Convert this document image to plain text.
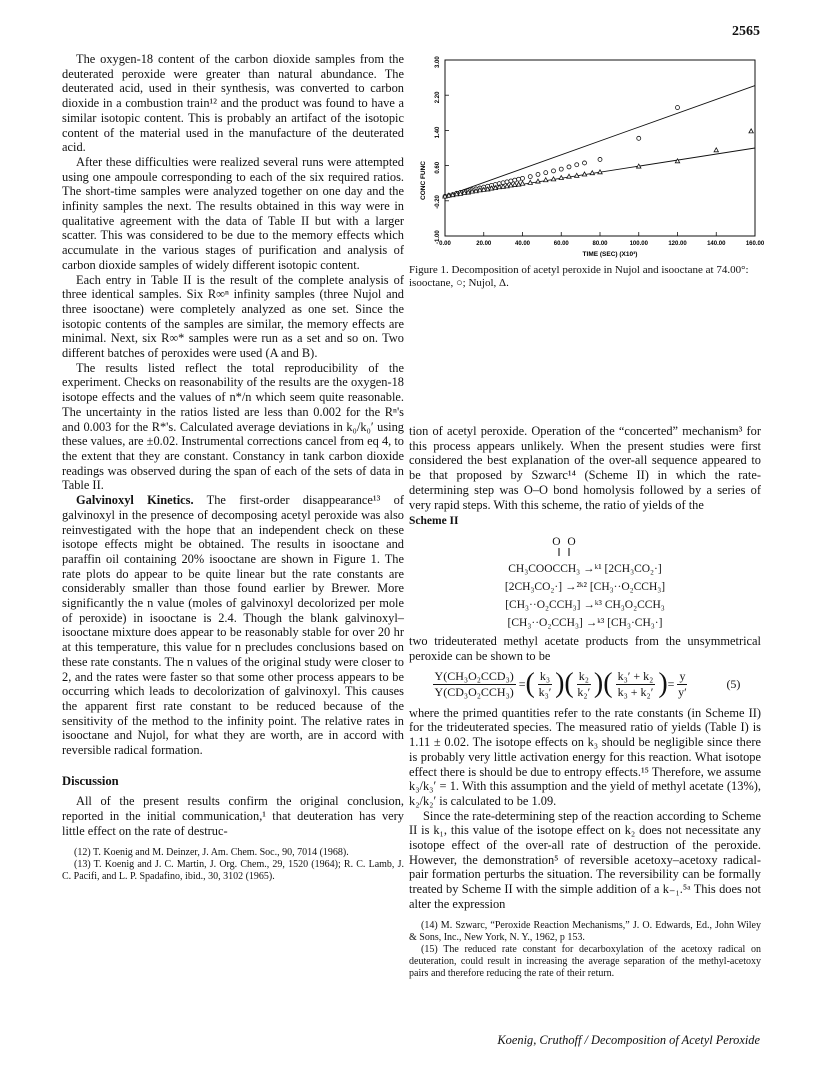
2565

The oxygen-18 content of the carbon dioxide samples from the deuterated peroxide were greater than natural abundance. The deuterated acid, used in their synthesis, was converted to carbon dioxide in a combustion train¹² and the product was found to have a similar isotopic content. This is probably an artifact of the isotopic content of the material used in the manufacture of the deuterated acid.

After these difficulties were realized several runs were attempted using one ampoule corresponding to each of the six required ratios. The short-time samples were analyzed together on one day and the infinity samples the next. The results obtained in this way were in qualitative agreement with the data of Table II but with a larger scatter. This was considered to be due to the memory effects which accumulate in the various stages of purification and analysis of carbon dioxide samples of widely different isotopic content.

Each entry in Table II is the result of the complete analysis of three identical samples. Six R∞ⁿ infinity samples (three Nujol and three isooctane) were completely analyzed as one set. Since the isotopic contents of the samples are similar, the memory effects are minimal. Next, six R∞* samples were run as a set and so on. Two different batches of peroxides were used (A and B).

The results listed reflect the total reproducibility of the experiment. Checks on reasonability of the results are the oxygen-18 isotope effects and the values of n*/n which seem quite reasonable. The uncertainty in the ratios listed are less than 0.002 for the Rⁿ's and 0.003 for the R*'s. Calculated average deviations in k₀/k₀′ using these values, are ±0.02. Instrumental corrections cancel from eq 4, to the extent that they are constant. Constancy in tank carbon dioxide readings was observed during the span of each of the sets of data in Table II.

Galvinoxyl Kinetics. The first-order disappearance¹³ of galvinoxyl in the presence of decomposing acetyl peroxide was also reinvestigated with the hope that an independent check on these isotope effects might be obtained. The results in isooctane and paraffin oil containing 20% isooctane are shown in Figure 1. The rate plots do appear to be quite linear but the rate constants are considerably smaller than those found earlier by Brewer. More significantly the n value (moles of galvinoxyl decolorized per mole of peroxide) in isooctane is 2.4. Though the blank galvinoxyl–isooctane mixture does appear to be reasonably stable for over 20 hr at this temperature, this value for n precludes conclusions based on these rate constants. The n values of the original study were closer to 2, and the rates were faster so that some other process appears to be occurring which leads to decolorization of galvinoxyl. This causes the apparent first rate constant to be reduced because of the sensitivity of the method to the infinity point. The relative rates in isooctane and Nujol, for what they are worth, are in accord with reversible radical formation.

Discussion

All of the present results confirm the original conclusion, reported in the initial communication,¹ that deuteration has very little effect on the rate of destruc-

(12) T. Koenig and M. Deinzer, J. Am. Chem. Soc., 90, 7014 (1968).
(13) T. Koenig and J. C. Martin, J. Org. Chem., 29, 1520 (1964); R. C. Lamb, J. C. Pacifi, and L. P. Spadafino, ibid., 30, 3102 (1965).
-1.00
-0.20
0.60
1.40
2.20
3.00
0.00	20.00	40.00	60.00	80.00	100.00	120.00	140.00	160.00
CONC FUNC
TIME (SEC) (X10³)
Figure 1. Decomposition of acetyl peroxide in Nujol and isooctane at 74.00°: isooctane, ○; Nujol, Δ.

tion of acetyl peroxide. Operation of the “concerted” mechanism³ for this process appears unlikely. When the present studies were first considered the best explanation of the over-all sequence appeared to be that proposed by Szwarc¹⁴ (Scheme II) in which the rate-determining step was O–O bond homolysis followed by a series of very rapid steps. With this scheme, the ratio of yields of the

Scheme II
O O
‖ ‖
CH₃COOCCH₃ →ᵏ¹ [2CH₃CO₂·]
[2CH₃CO₂·] →²ᵏ² [CH₃··O₂CCH₃]
[CH₃··O₂CCH₃] →ᵏ³ CH₃O₂CCH₃
[CH₃··O₂CCH₃] →ᵏ³ [CH₃·CH₃·]

two trideuterated methyl acetate products from the unsymmetrical peroxide can be shown to be

$\frac{\text{Y(CH₃O₂CCD₃)}}{\text{Y(CD₃O₂CCH₃)}}$ = ( $\frac{\text{k₃}}{\text{k₃′}}$ )( $\frac{\text{k₂}}{\text{k₂′}}$ )( $\frac{\text{k₃′ + k₂}}{\text{k₃ + k₂′}}$ ) = $\frac{y}{y'}$	(5)

where the primed quantities refer to the rate constants (in Scheme II) for the trideuterated species. The measured ratio of yields (Table I) is 1.11 ± 0.02. The isotope effects on k₃ should be negligible since there is probably very little activation energy for this reaction. What isotope effect there is should be due to entropy effects.¹⁵ Therefore, we assume k₃/k₃′ = 1. With this assumption and the yield of methyl acetate (13%), k₂/k₂′ is calculated to be 1.09.

Since the rate-determining step of the reaction according to Scheme II is k₁, this value of the isotope effect on k₂ does not necessitate any isotope effect of the over-all rate of destruction of the peroxide. However, the demonstration⁵ of reversible acetoxy–acetoxy radical-pair formation perturbs the situation. The reversibility can be formally treated by Scheme II with the simple addition of a k₋₁.⁵ᵃ This does not alter the expression

(14) M. Szwarc, “Peroxide Reaction Mechanisms,” J. O. Edwards, Ed., John Wiley & Sons, Inc., New York, N. Y., 1962, p 153.
(15) The reduced rate constant for decarboxylation of the acetoxy radical on deuteration, could result in increasing the average separation of the methyl-acetoxy pairs and therefore reducing the rate of their return.
Koenig, Cruthoff / Decomposition of Acetyl Peroxide
